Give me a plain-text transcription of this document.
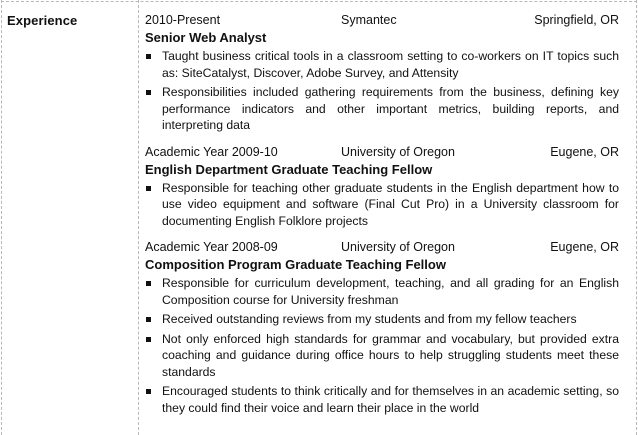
Experience	2010-Present	Symantec	Springfield, OR
Senior Web Analyst
Taught business critical tools in a classroom setting to co-workers on IT topics such as: SiteCatalyst, Discover, Adobe Survey, and Attensity
Responsibilities included gathering requirements from the business, defining key performance indicators and other important metrics, building reports, and interpreting data
Academic Year 2009-10	University of Oregon	Eugene, OR
English Department Graduate Teaching Fellow
Responsible for teaching other graduate students in the English department how to use video equipment and software (Final Cut Pro) in a University classroom for documenting English Folklore projects
Academic Year 2008-09	University of Oregon	Eugene, OR
Composition Program Graduate Teaching Fellow
Responsible for curriculum development, teaching, and all grading for an English Composition course for University freshman
Received outstanding reviews from my students and from my fellow teachers
Not only enforced high standards for grammar and vocabulary, but provided extra coaching and guidance during office hours to help struggling students meet these standards
Encouraged students to think critically and for themselves in an academic setting, so they could find their voice and learn their place in the world
